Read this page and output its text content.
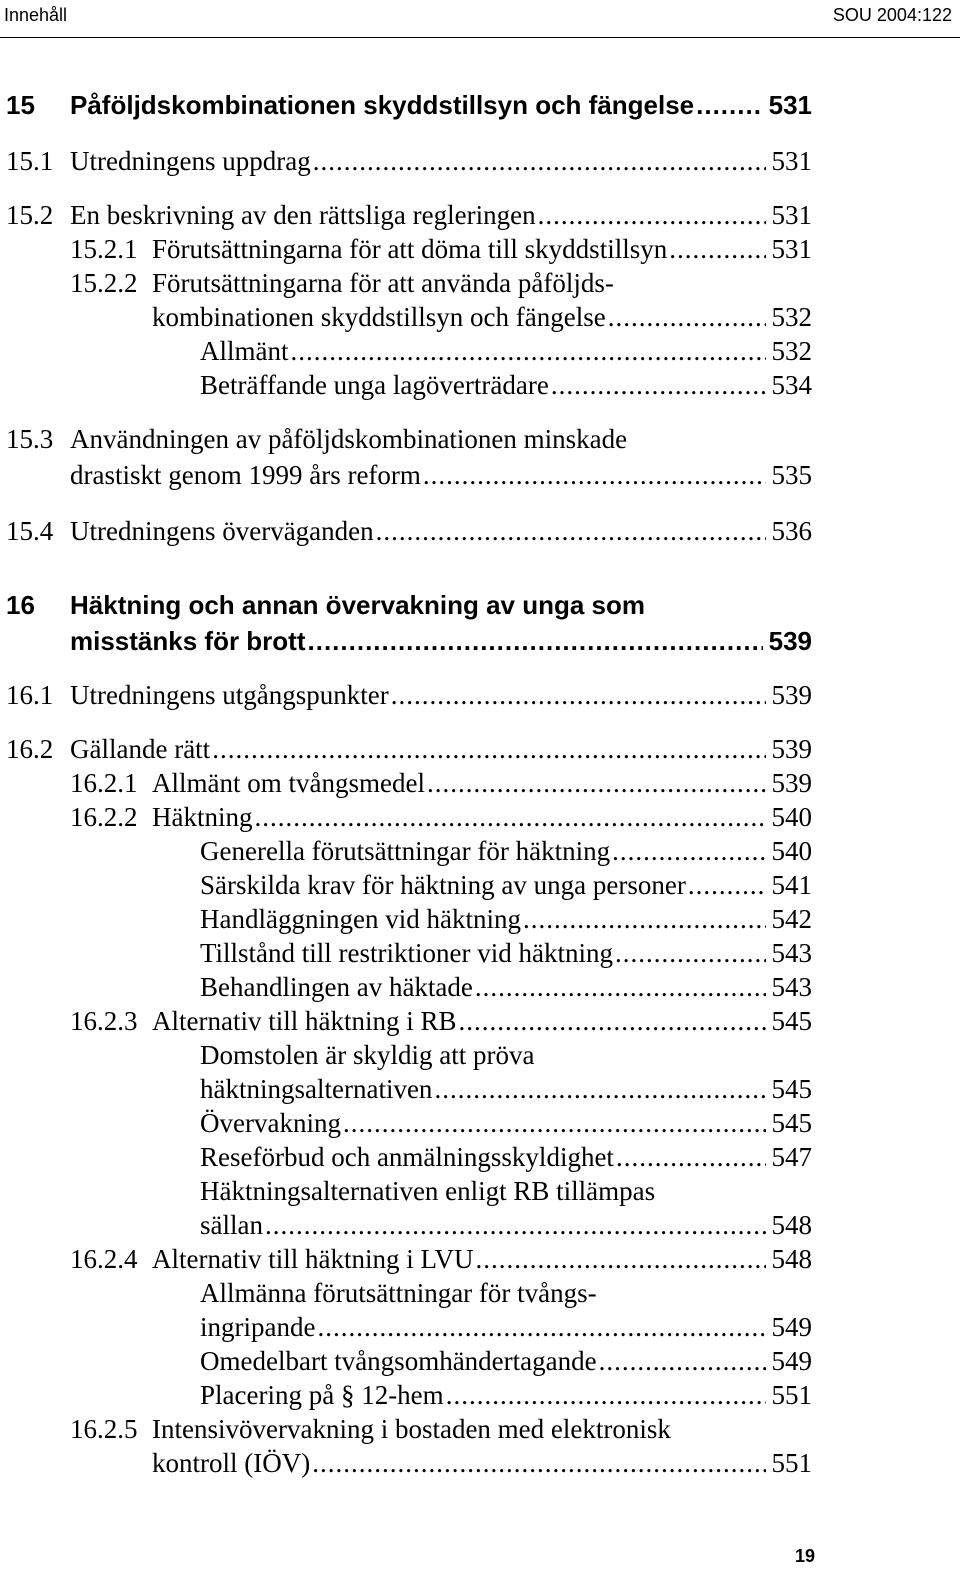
Innehåll	SOU 2004:122
15 Påföljdskombinationen skyddstillsyn och fängelse .....	531
15.1 Utredningens uppdrag .....	531
15.2 En beskrivning av den rättsliga regleringen .....	531
15.2.1 Förutsättningarna för att döma till skyddstillsyn .....	531
15.2.2 Förutsättningarna för att använda påföljds-
kombinationen skyddstillsyn och fängelse .....	532
Allmänt .....	532
Beträffande unga lagöverträdare .....	534
15.3 Användningen av påföljdskombinationen minskade
drastiskt genom 1999 års reform .....	535
15.4 Utredningens överväganden .....	536
16 Häktning och annan övervakning av unga som
misstänks för brott .....	539
16.1 Utredningens utgångspunkter .....	539
16.2 Gällande rätt .....	539
16.2.1 Allmänt om tvångsmedel .....	539
16.2.2 Häktning .....	540
Generella förutsättningar för häktning .....	540
Särskilda krav för häktning av unga personer .....	541
Handläggningen vid häktning .....	542
Tillstånd till restriktioner vid häktning .....	543
Behandlingen av häktade .....	543
16.2.3 Alternativ till häktning i RB .....	545
Domstolen är skyldig att pröva
häktningsalternativen .....	545
Övervakning .....	545
Reseförbud och anmälningsskyldighet .....	547
Häktningsalternativen enligt RB tillämpas
sällan .....	548
16.2.4 Alternativ till häktning i LVU .....	548
Allmänna förutsättningar för tvångs-
ingripande .....	549
Omedelbart tvångsomhändertagande .....	549
Placering på § 12-hem .....	551
16.2.5 Intensivövervakning i bostaden med elektronisk
kontroll (IÖV) .....	551
19
